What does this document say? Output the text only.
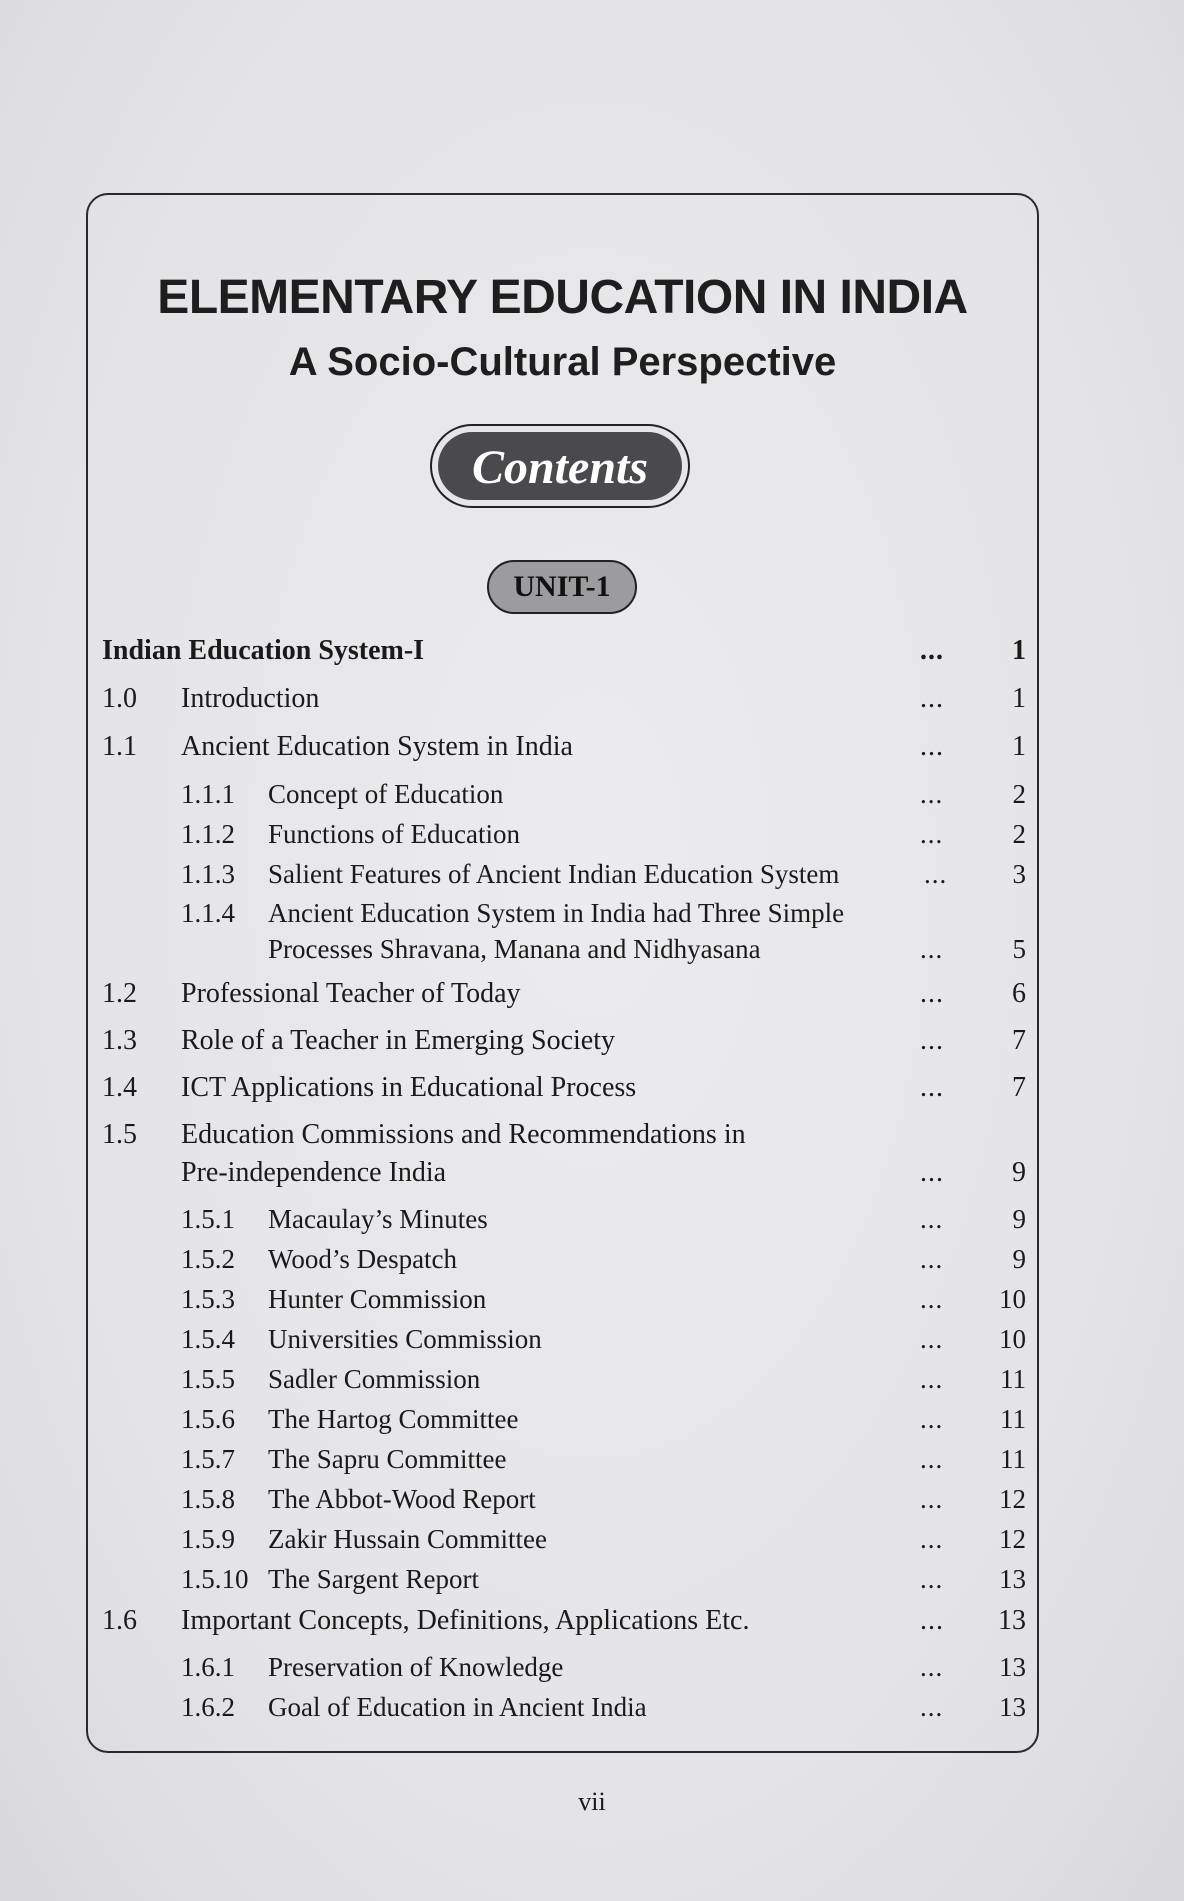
ELEMENTARY EDUCATION IN INDIA
A Socio-Cultural Perspective
Contents
UNIT-1
Indian Education System-I	... 1
1.0 Introduction	... 1
1.1 Ancient Education System in India	... 1
1.1.1 Concept of Education	...	2
1.1.2 Functions of Education	...	2
1.1.3 Salient Features of Ancient Indian Education System	... 3
1.1.4 Ancient Education System in India had Three Simple
Processes Shravana, Manana and Nidhyasana	...	5
1.2 Professional Teacher of Today	... 6
1.3 Role of a Teacher in Emerging Society	... 7
1.4 ICT Applications in Educational Process	... 7
1.5 Education Commissions and Recommendations in
Pre-independence India	... 9
1.5.1 Macaulay’s Minutes	...	9
1.5.2 Wood’s Despatch	...	9
1.5.3 Hunter Commission	... 10
1.5.4 Universities Commission	... 10
1.5.5 Sadler Commission	... 11
1.5.6 The Hartog Committee	... 11
1.5.7 The Sapru Committee	... 11
1.5.8 The Abbot-Wood Report	... 12
1.5.9 Zakir Hussain Committee	... 12
1.5.10 The Sargent Report	... 13
1.6 Important Concepts, Definitions, Applications Etc.	... 13
1.6.1 Preservation of Knowledge	... 13
1.6.2 Goal of Education in Ancient India	... 13
vii
